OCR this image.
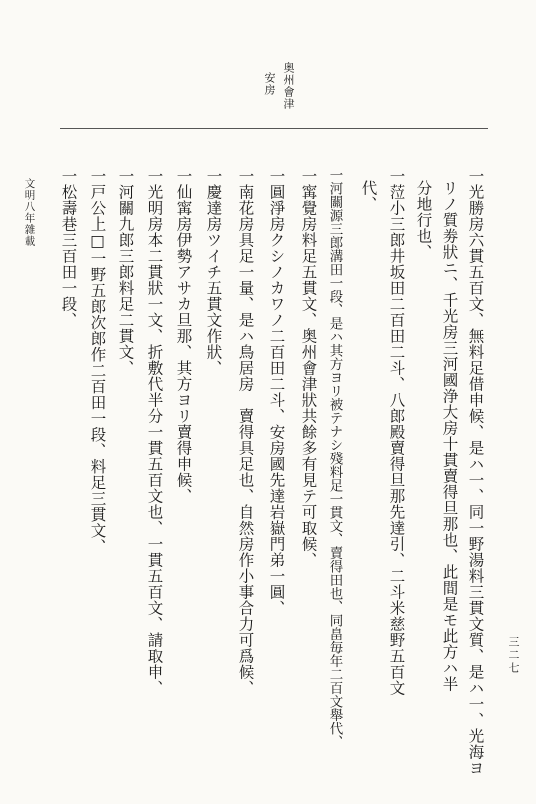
奥州會津
安房
一光勝房六貫五百文、無料足借申候、是ハ一、同一野湯料三貫文質、是ハ一、光海ヨ
リノ質劵狀ニ、千光房三河國浄大房十貫賣得旦那也、此間是モ此方ハ半
分地行也、
一𦲷小三郎井坂田二百田二斗、八郎殿賣得旦那先達引、二斗米慈野五百文
代、
一河關源三郎溝田一段、是ハ其方ヨリ被テナシ殘料足一貫文、賣得田也、同畠毎年二百文舉代、
一𡩋覺房料足五貫文、奥州會津狀共餘多有見テ可取候、
一圓淨房クシノカワノ二百田二斗、安房國先達岩嶽門弟一圓、
一南花房具足一量、是ハ鳥居房　賣得具足也、自然房作小事合力可爲候、
一慶達房ツイチ五貫文作狀、
一仙𡩋房伊勢アサカ旦那、其方ヨリ賣得申候、
一光明房本二貫狀一文、折敷代半分一貫五百文也、一貫五百文、請取申、
一河關九郎三郎料足二貫文、
一戸公上□一野五郎次郎作二百田一段、料足三貫文、
一松壽巷三百田一段、
文明八年雜載
三二七
